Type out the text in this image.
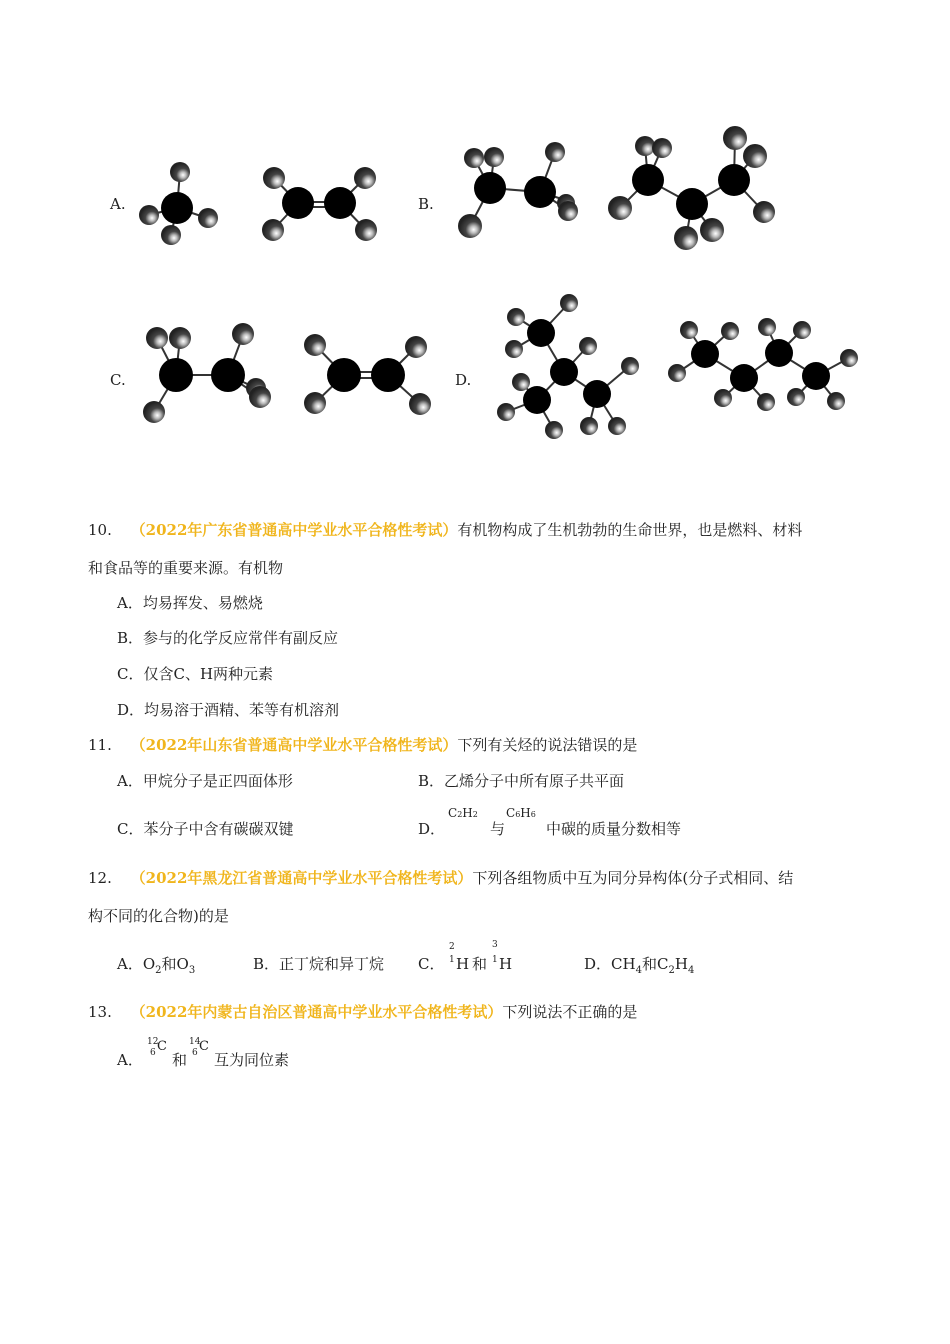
A.	B.
C.	D.
10. （2022年广东省普通高中学业水平合格性考试）有机物构成了生机勃勃的生命世界，也是燃料、材料
和食品等的重要来源。有机物
A．均易挥发、易燃烧
B．参与的化学反应常伴有副反应
C．仅含C、H两种元素
D．均易溶于酒精、苯等有机溶剂
11. （2022年山东省普通高中学业水平合格性考试）下列有关烃的说法错误的是
A．甲烷分子是正四面体形	B．乙烯分子中所有原子共平面
C．苯分子中含有碳碳双键	D．
C2H2
与
C6H6
中碳的质量分数相等
12. （2022年黑龙江省普通高中学业水平合格性考试）下列各组物质中互为同分异构体(分子式相同、结
构不同的化合物)的是
A．$O_2$和$O_3$	B．正丁烷和异丁烷 C．
2
1 H 和
3
1 H	D．$CH_4$和$C_2H_4$
13. （2022年内蒙古自治区普通高中学业水平合格性考试）下列说法不正确的是
A．
12
6 C
和
14
6 C
互为同位素
